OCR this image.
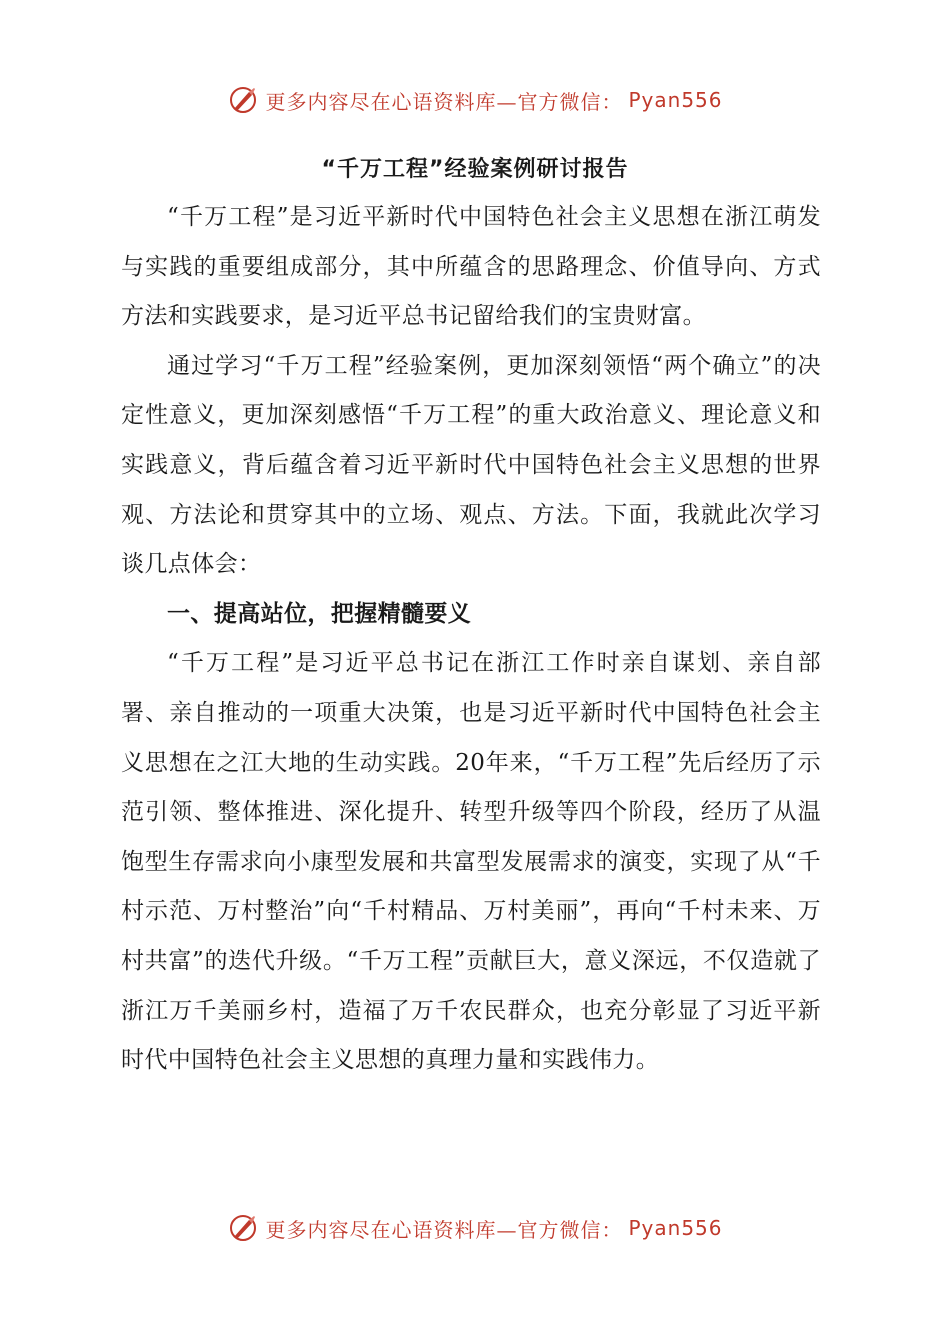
更多内容尽在心语资料库—官方微信： Pyan556
“千万工程”经验案例研讨报告

“千万工程”是习近平新时代中国特色社会主义思想在浙江萌发与实践的重要组成部分，其中所蕴含的思路理念、价值导向、方式方法和实践要求，是习近平总书记留给我们的宝贵财富。

通过学习“千万工程”经验案例，更加深刻领悟“两个确立”的决定性意义，更加深刻感悟“千万工程”的重大政治意义、理论意义和实践意义，背后蕴含着习近平新时代中国特色社会主义思想的世界观、方法论和贯穿其中的立场、观点、方法。下面，我就此次学习谈几点体会：

一、提高站位，把握精髓要义

“千万工程”是习近平总书记在浙江工作时亲自谋划、亲自部署、亲自推动的一项重大决策，也是习近平新时代中国特色社会主义思想在之江大地的生动实践。20年来，“千万工程”先后经历了示范引领、整体推进、深化提升、转型升级等四个阶段，经历了从温饱型生存需求向小康型发展和共富型发展需求的演变，实现了从“千村示范、万村整治”向“千村精品、万村美丽”，再向“千村未来、万村共富”的迭代升级。“千万工程”贡献巨大，意义深远，不仅造就了浙江万千美丽乡村，造福了万千农民群众，也充分彰显了习近平新时代中国特色社会主义思想的真理力量和实践伟力。

更多内容尽在心语资料库—官方微信： Pyan556
